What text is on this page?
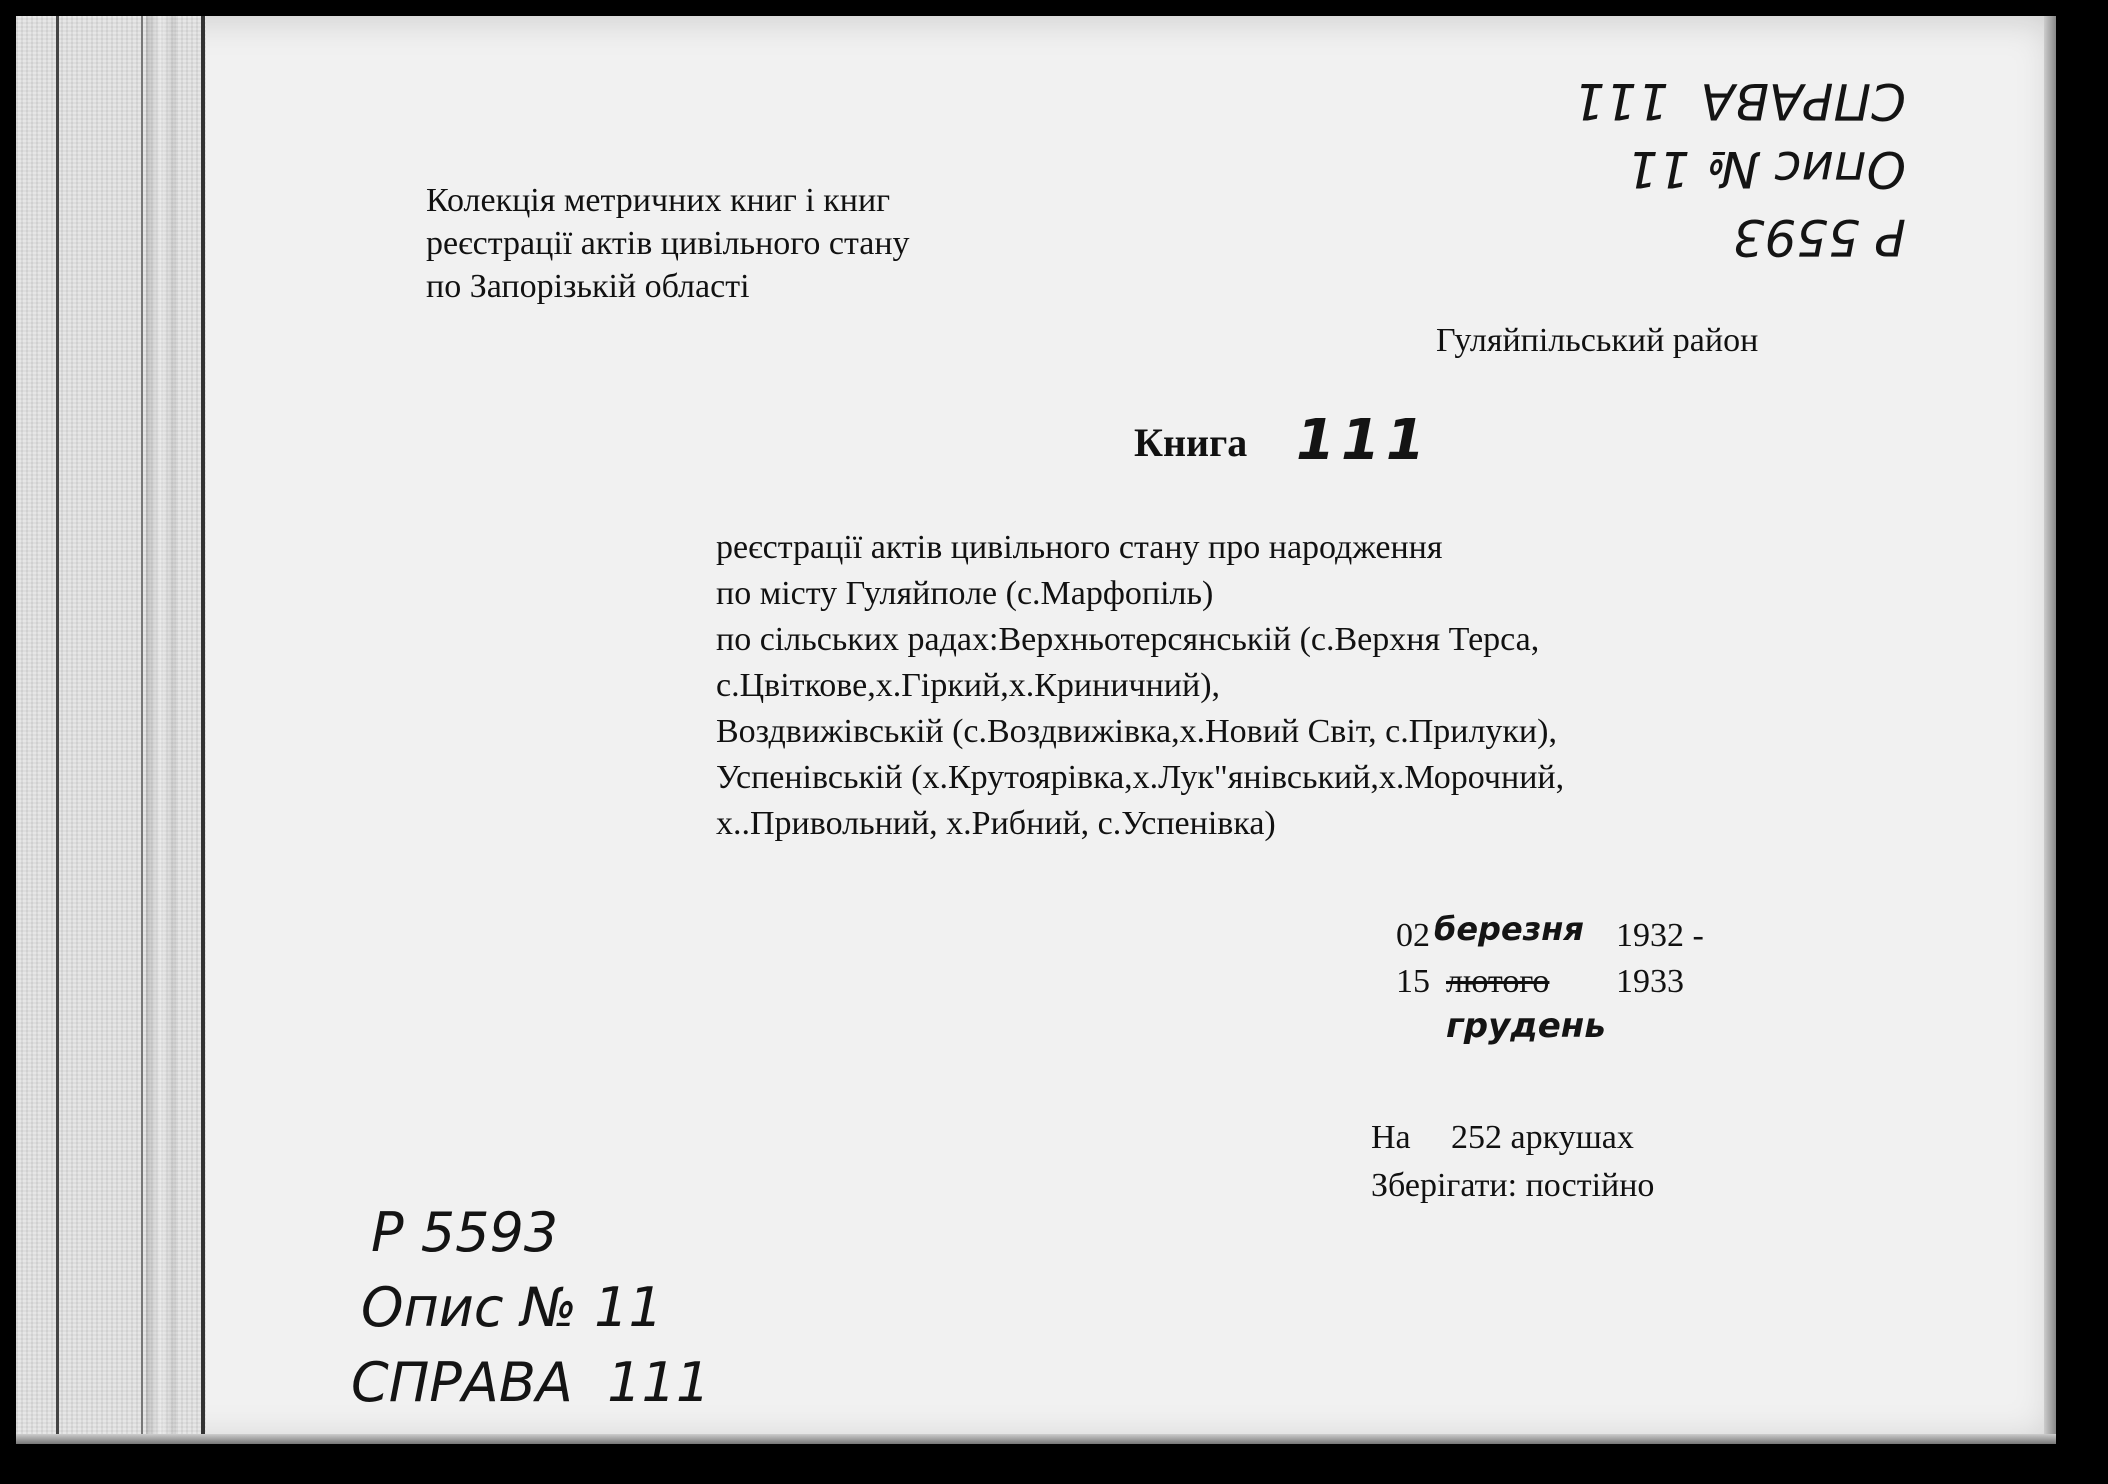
Колекція метричних книг і книг
реєстрації актів цивільного стану
по Запорізькій області
Гуляйпільський район
Книга 111
реєстрації актів цивільного стану про народження
по місту Гуляйполе (с.Марфопіль)
по сільських радах:Верхньотерсянській (с.Верхня Терса,
с.Цвіткове,х.Гіркий,х.Криничний),
Воздвижівській (с.Воздвижівка,х.Новий Світ, с.Прилуки),
Успенівській (х.Крутоярівка,х.Лук"янівський,х.Морочний,
х..Привольний, х.Рибний, с.Успенівка)
02 березня 1932 -
15 лютого 1933
грудень
На 252 аркушах
Зберігати: постійно
Р 5593
Опис № 11
СПРАВА  111
Р 5593
Опис № 11
СПРАВА  111
